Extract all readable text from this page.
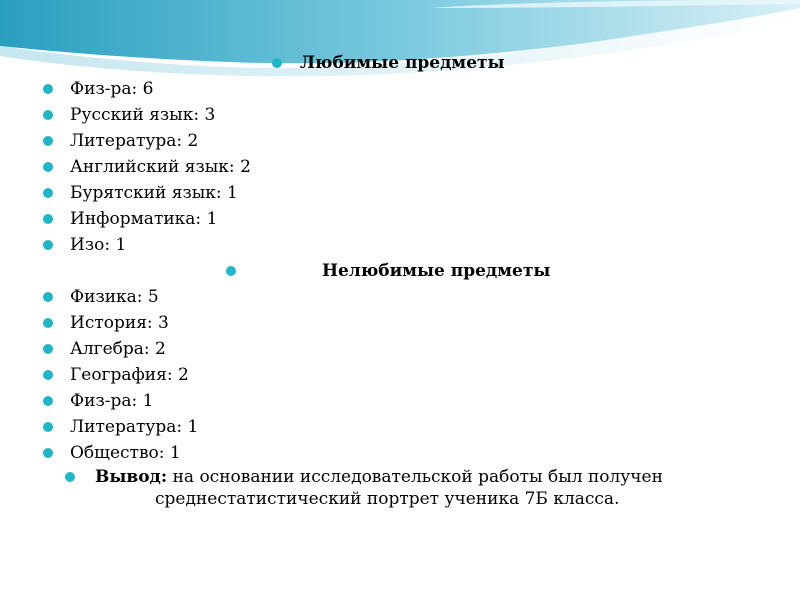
Любимые предметы
Физ-ра: 6
Русский язык: 3
Литература: 2
Английский язык: 2
Бурятский язык: 1
Информатика: 1
Изо: 1
Нелюбимые предметы
Физика: 5
История: 3
Алгебра: 2
География: 2
Физ-ра: 1
Литература: 1
Общество: 1
Вывод: на основании исследовательской работы был получен
среднестатистический портрет ученика 7Б класса.
